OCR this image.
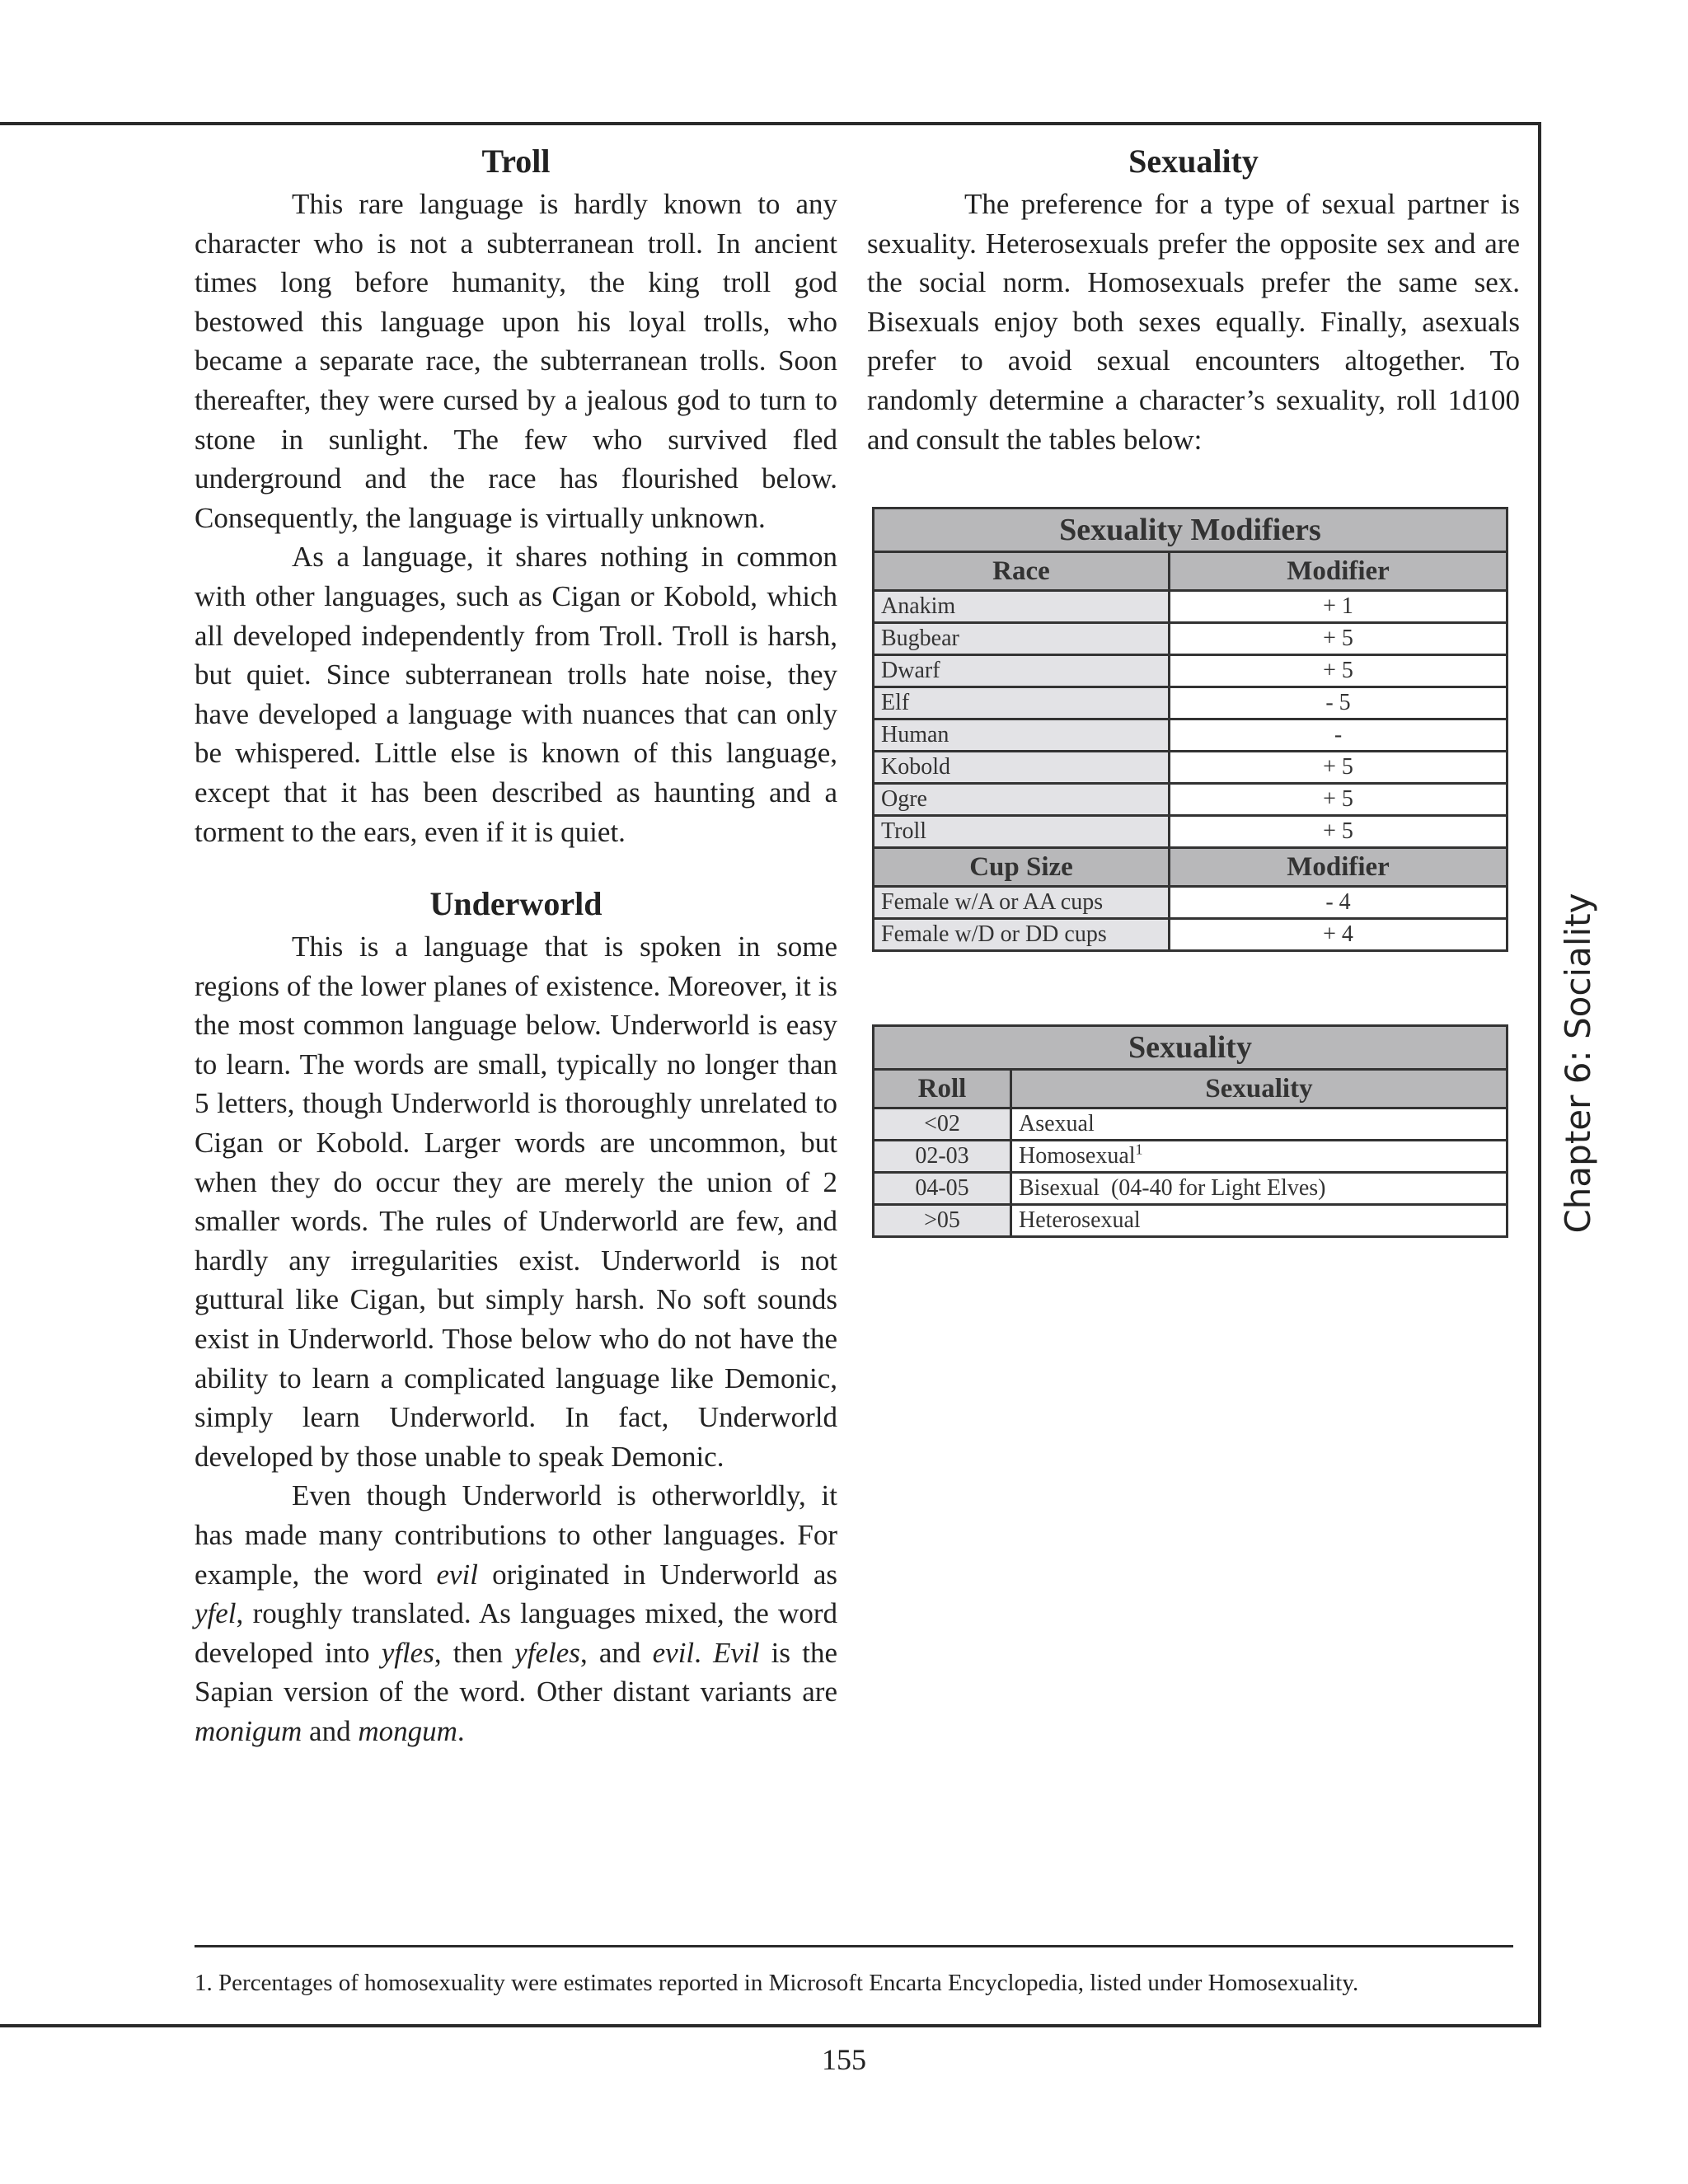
Troll

This rare language is hardly known to any character who is not a subterranean troll. In ancient times long before humanity, the king troll god bestowed this language upon his loyal trolls, who became a separate race, the subterranean trolls. Soon thereafter, they were cursed by a jealous god to turn to stone in sunlight. The few who survived fled underground and the race has flourished below. Consequently, the language is virtually unknown.

As a language, it shares nothing in common with other languages, such as Cigan or Kobold, which all developed independently from Troll. Troll is harsh, but quiet. Since subterranean trolls hate noise, they have developed a language with nuances that can only be whispered. Little else is known of this language, except that it has been described as haunting and a torment to the ears, even if it is quiet.

Underworld

This is a language that is spoken in some regions of the lower planes of existence. Moreover, it is the most common language below. Underworld is easy to learn. The words are small, typically no longer than 5 letters, though Underworld is thoroughly unrelated to Cigan or Kobold. Larger words are uncommon, but when they do occur they are merely the union of 2 smaller words. The rules of Underworld are few, and hardly any irregularities exist. Underworld is not guttural like Cigan, but simply harsh. No soft sounds exist in Underworld. Those below who do not have the ability to learn a complicated language like Demonic, simply learn Underworld. In fact, Underworld developed by those unable to speak Demonic.

Even though Underworld is otherworldly, it has made many contributions to other languages. For example, the word evil originated in Underworld as yfel, roughly translated. As languages mixed, the word developed into yfles, then yfeles, and evil. Evil is the Sapian version of the word. Other distant variants are monigum and mongum.

Sexuality

The preference for a type of sexual partner is sexuality. Heterosexuals prefer the opposite sex and are the social norm. Homosexuals prefer the same sex. Bisexuals enjoy both sexes equally. Finally, asexuals prefer to avoid sexual encounters altogether. To randomly determine a character’s sexuality, roll 1d100 and consult the tables below:

Sexuality Modifiers	
Race	Modifier
Anakim	+ 1
Bugbear	+ 5
Dwarf	+ 5
Elf	- 5
Human	-
Kobold	+ 5
Ogre	+ 5
Troll	+ 5
Cup Size	Modifier
Female w/A or AA cups	- 4
Female w/D or DD cups	+ 4
Sexuality	
Roll	Sexuality
<02	Asexual
02-03	Homosexual$^1$
04-05	Bisexual  (04-40 for Light Elves)
>05	Heterosexual	Chapter 6: Sociality
1. Percentages of homosexuality were estimates reported in Microsoft Encarta Encyclopedia, listed under Homosexuality.
155
